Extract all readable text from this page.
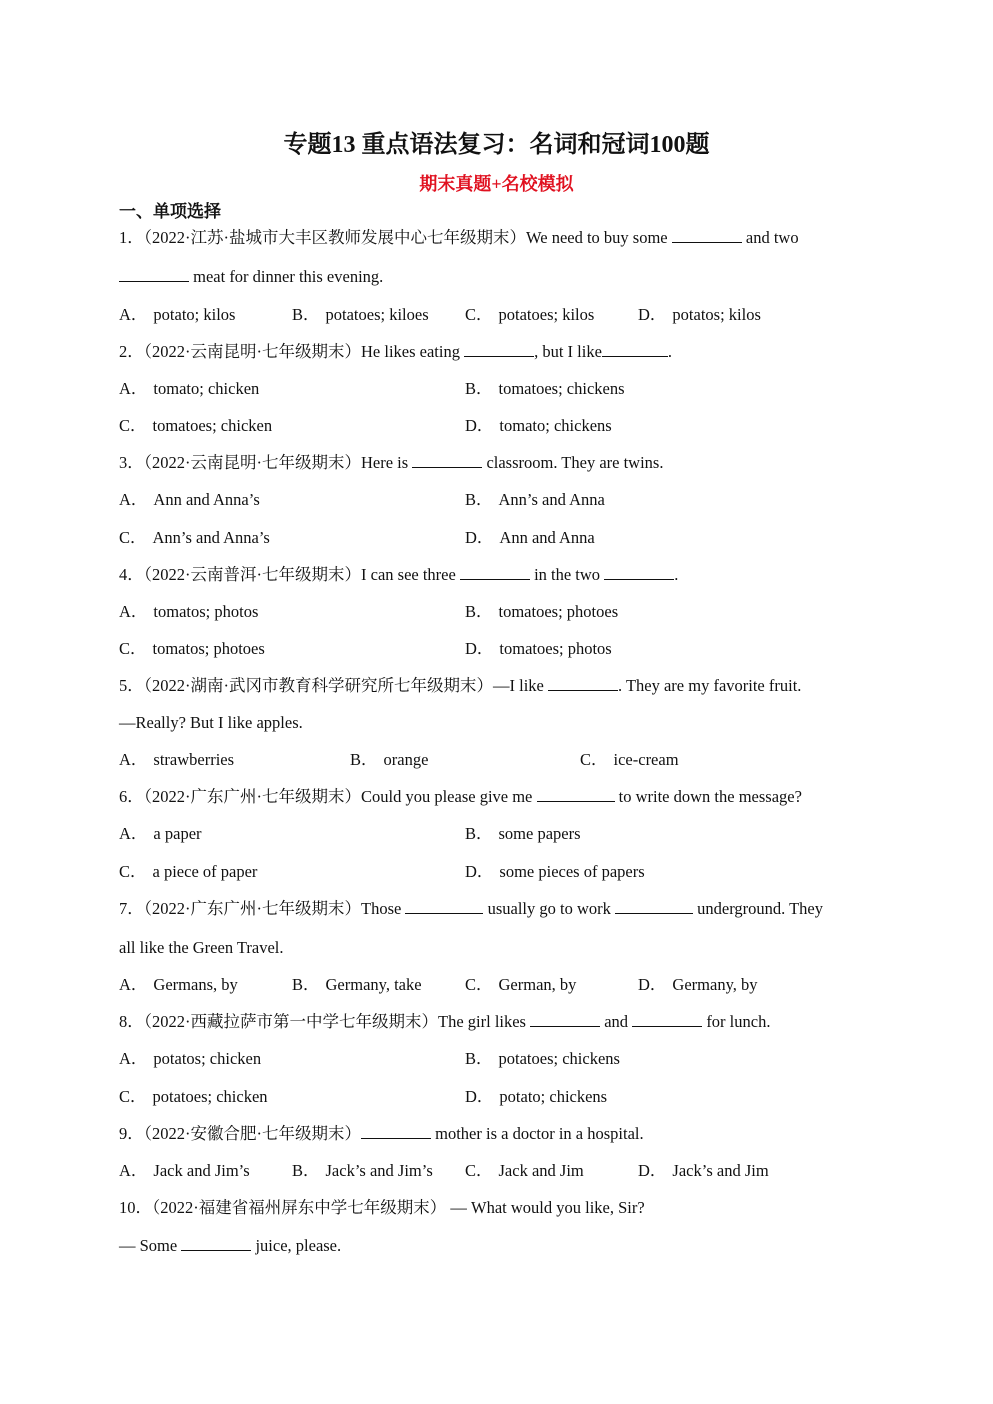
专题13 重点语法复习：名词和冠词100题
期末真题+名校模拟
一、单项选择
1．（2022·江苏·盐城市大丰区教师发展中心七年级期末）We need to buy some	and two
meat for dinner this evening.
A． potato; kilos	B． potatoes; kiloes C． potatoes; kilos	D． potatos; kilos
2．（2022·云南昆明·七年级期末）He likes eating	, but I like	.
A． tomato; chicken	B． tomatoes; chickens
C． tomatoes; chicken	D． tomato; chickens
3．（2022·云南昆明·七年级期末）Here is	classroom. They are twins.
A． Ann and Anna’s	B． Ann’s and Anna
C． Ann’s and Anna’s	D． Ann and Anna
4．（2022·云南普洱·七年级期末）I can see three	in the two	.
A． tomatos; photos	B． tomatoes; photoes
C． tomatos; photoes	D． tomatoes; photos
5．（2022·湖南·武冈市教育科学研究所七年级期末）—I like	. They are my favorite fruit.
—Really? But I like apples.
A． strawberries	B． orange	C． ice-cream
6．（2022·广东广州·七年级期末）Could you please give me	to write down the message?
A． a paper	B． some papers
C． a piece of paper	D． some pieces of papers
7．（2022·广东广州·七年级期末）Those	usually go to work	underground. They
all like the Green Travel.
A． Germans, by	B． Germany, take	C． German, by	D． Germany, by
8．（2022·西藏拉萨市第一中学七年级期末）The girl likes	and	for lunch.
A． potatos; chicken	B． potatoes; chickens
C． potatoes; chicken	D． potato; chickens
9．（2022·安徽合肥·七年级期末）	mother is a doctor in a hospital.
A． Jack and Jim’s	B． Jack’s and Jim’s C． Jack and Jim	D． Jack’s and Jim
10．（2022·福建省福州屏东中学七年级期末） — What would you like, Sir?
— Some	juice, please.
